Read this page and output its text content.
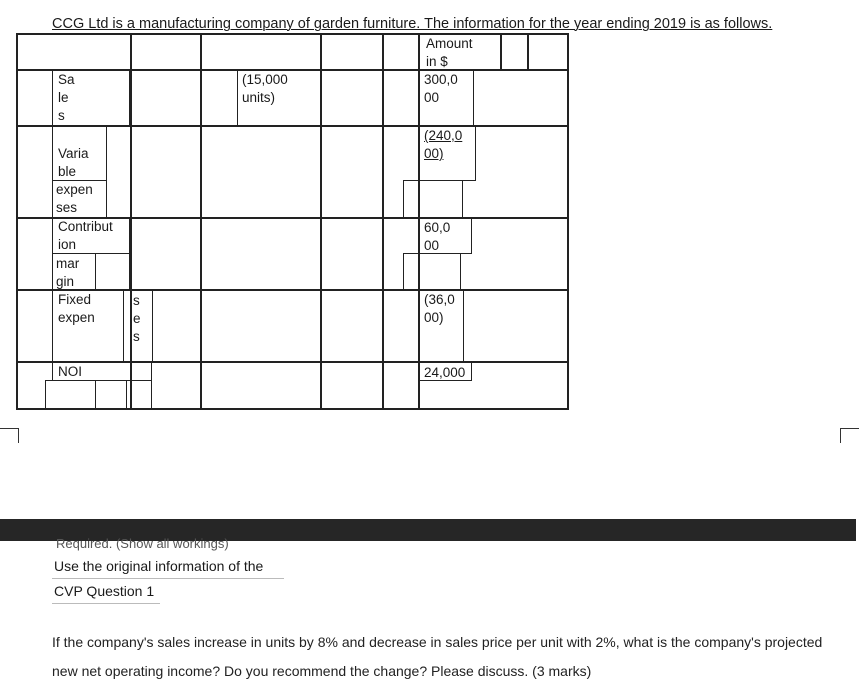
CCG Ltd is a manufacturing company of garden furniture. The information for the year ending 2019 is as follows.
Amount
in $
Sa
le
s
(15,000
units)
300,0
00
Varia
ble
expen
ses
(240,0
00)
Contribut
ion
mar
gin
60,0
00
Fixed
expen
s
e
s
(36,0
00)
NOI	24,000
Required. (Show all workings)
Use the original information of the
CVP Question 1
If the company's sales increase in units by 8% and decrease in sales price per unit with 2%, what is the company's projected new net operating income? Do you recommend the change? Please discuss. (3 marks)
